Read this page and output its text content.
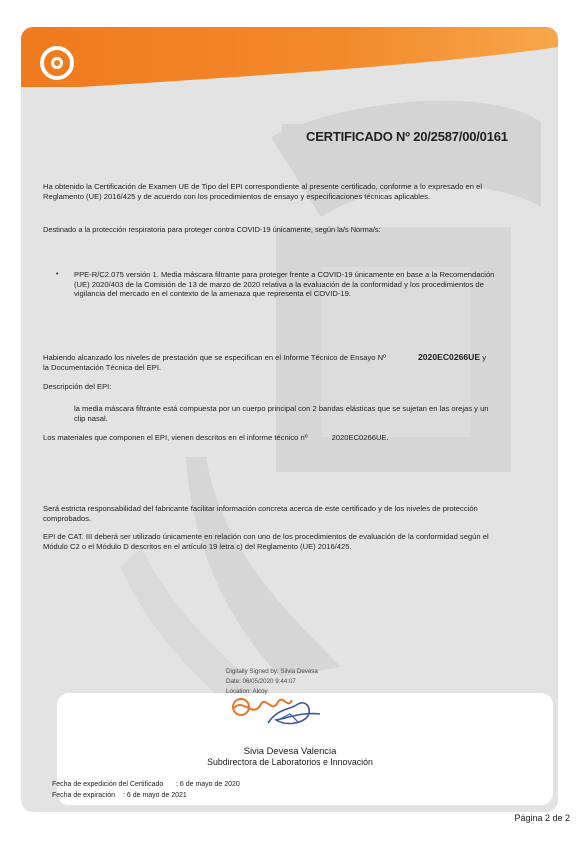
CERTIFICADO Nº 20/2587/00/0161

Ha obtenido la Certificación de Examen UE de Tipo del EPI correspondiente al presente certificado, conforme a lo expresado en el Reglamento (UE) 2016/425 y de acuerdo con los procedimientos de ensayo y especificaciones técnicas aplicables.

Destinado a la protección respiratoria para proteger contra COVID-19 únicamente, según la/s Norma/s:

• PPE-R/C2.075 versión 1. Media máscara filtrante para proteger frente a COVID-19 únicamente en base a la Recomendación (UE) 2020/403 de la Comisión de 13 de marzo de 2020 relativa a la evaluación de la conformidad y los procedimientos de vigilancia del mercado en el contexto de la amenaza que representa el COVID-19.

Habiendo alcanzado los niveles de prestación que se especifican en el Informe Técnico de Ensayo Nº	2020EC0266UE y

la Documentación Técnica del EPI.

Descripción del EPI:

la media máscara filtrante está compuesta por un cuerpo principal con 2 bandas elásticas que se sujetan en las orejas y un clip nasal.

Los materiales que componen el EPI, vienen descritos en el informe técnico nº	2020EC0266UE.

Será estricta responsabilidad del fabricante facilitar información concreta acerca de este certificado y de los niveles de protección comprobados.

EPI de CAT. III deberá ser utilizado únicamente en relación con uno de los procedimientos de evaluación de la conformidad según el Módulo C2 o el Módulo D descritos en el artículo 19 letra c) del Reglamento (UE) 2016/425.

Digitally Signed by: Silvia Devesa
Date: 06/05/2020 9:44:07
Location: Alcoy
Sivia Devesa Valencia
Subdirectora de Laboratorios e Innovación
Fecha de expedición del Certificado : 6 de mayo de 2020
Fecha de expiración : 6 de mayo de 2021
Página 2 de 2
